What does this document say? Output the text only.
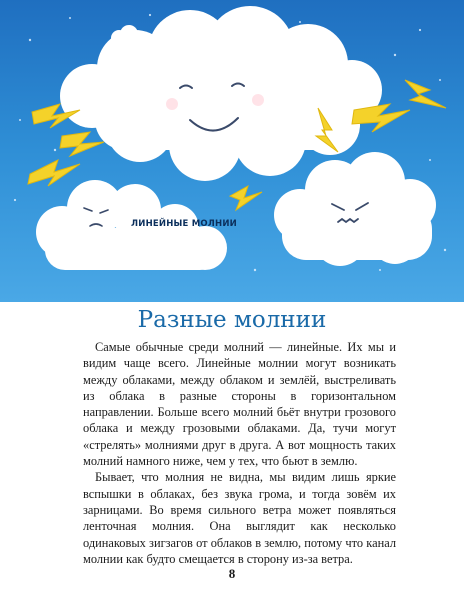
ЛИНЕЙНЫЕ МОЛНИИ
Разные молнии

Самые обычные среди молний — линейные. Их мы и видим чаще всего. Линейные молнии могут возникать между облаками, между облаком и землёй, выстреливать из облака в разные стороны в горизонтальном направлении. Больше всего молний бьёт внутри грозового облака и между грозовыми облаками. Да, тучи могут «стрелять» молниями друг в друга. А вот мощность таких молний намного ниже, чем у тех, что бьют в землю.

Бывает, что молния не видна, мы видим лишь яркие вспышки в облаках, без звука грома, и тогда зовём их зарницами. Во время сильного ветра может появляться ленточная молния. Она выглядит как несколько одинаковых зигзагов от облаков в землю, потому что канал молнии как будто смещается в сторону из-за ветра.

8
